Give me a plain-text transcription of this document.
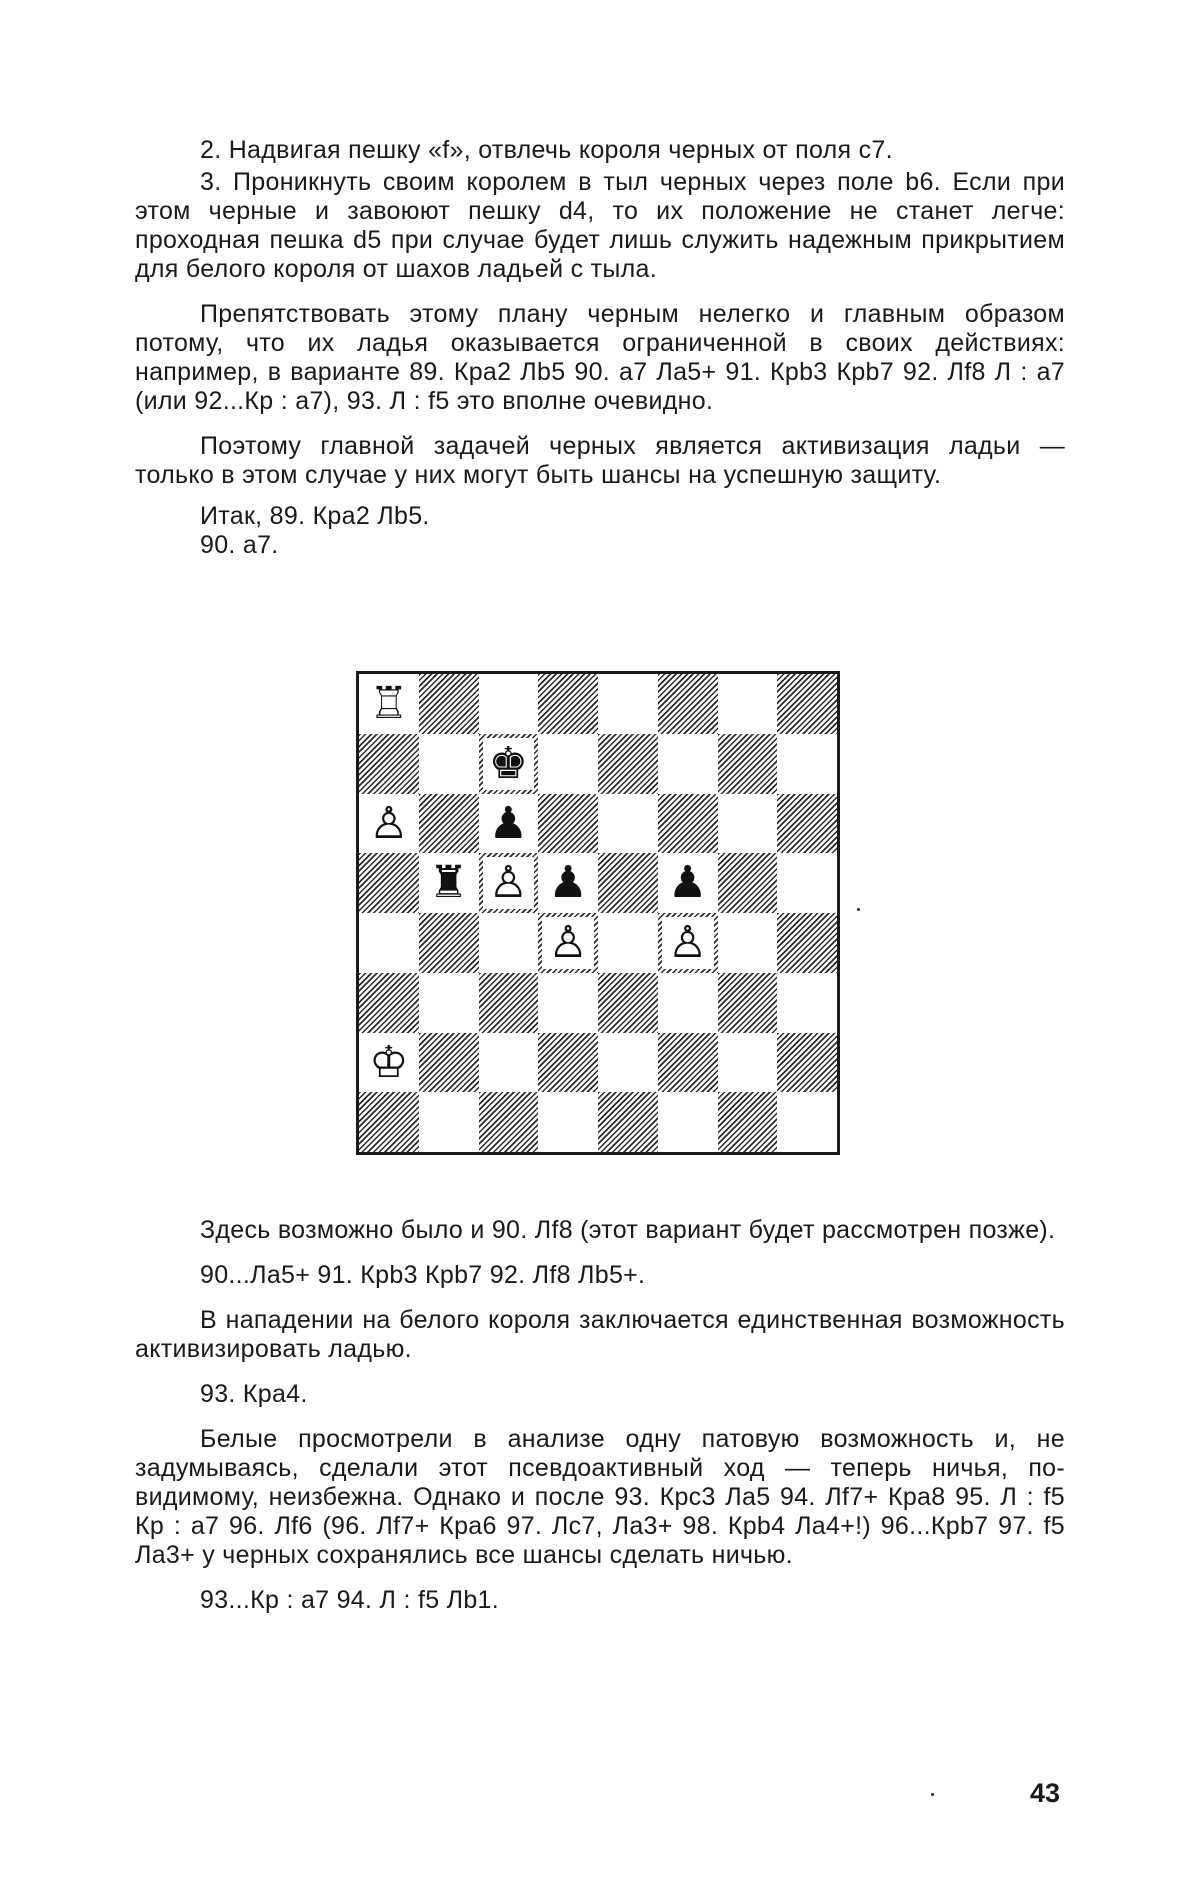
2. Надвигая пешку «f», отвлечь короля черных от поля с7.

3. Проникнуть своим королем в тыл черных через поле b6. Если при этом черные и завоюют пешку d4, то их положение не станет легче: проходная пешка d5 при случае будет лишь служить надежным прикрытием для белого короля от шахов ладьей с тыла.

Препятствовать этому плану черным нелегко и главным образом потому, что их ладья оказывается ограниченной в своих действиях: например, в варианте 89. Кра2 Лb5 90. a7 Ла5+ 91. Крb3 Крb7 92. Лf8 Л : a7 (или 92...Кр : a7), 93. Л : f5 это вполне очевидно.

Поэтому главной задачей черных является активизация ладьи — только в этом случае у них могут быть шансы на успешную защиту.

Итак, 89. Кра2 Лb5.

90. a7.

♖
♚
♙ ♟
♜ ♙ ♟ ♟
♙ ♙
♔

Здесь возможно было и 90. Лf8 (этот вариант будет рассмотрен позже).

90...Ла5+ 91. Крb3 Крb7 92. Лf8 Лb5+.

В нападении на белого короля заключается единственная возможность активизировать ладью.

93. Кра4.

Белые просмотрели в анализе одну патовую возможность и, не задумываясь, сделали этот псевдоактивный ход — теперь ничья, по-видимому, неизбежна. Однако и после 93. Крс3 Ла5 94. Лf7+ Кра8 95. Л : f5 Кр : a7 96. Лf6 (96. Лf7+ Кра6 97. Лс7, Ла3+ 98. Крb4 Ла4+!) 96...Крb7 97. f5 Ла3+ у черных сохранялись все шансы сделать ничью.

93...Кр : a7 94. Л : f5 Лb1.

43
